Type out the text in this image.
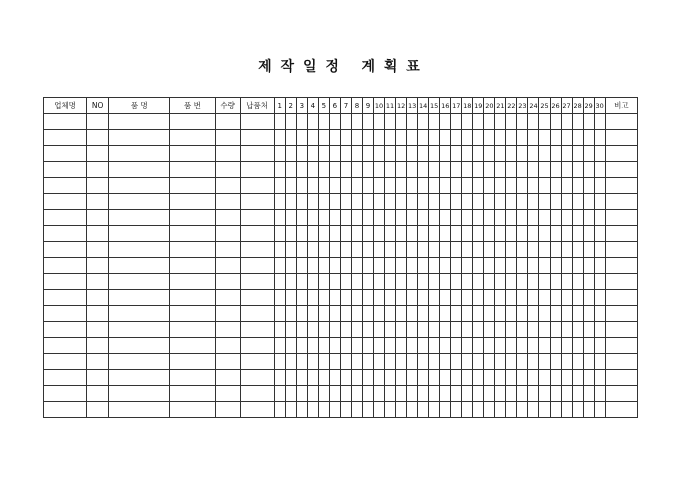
제 작 일 정   계 획 표
업체명	NO	품 명	품 번	수량	납품처	1	2	3	4	5	6	7	8	9	10	11	12	13	14	15	16	17	18	19	20	21	22	23	24	25	26	27	28	29	30	비고
